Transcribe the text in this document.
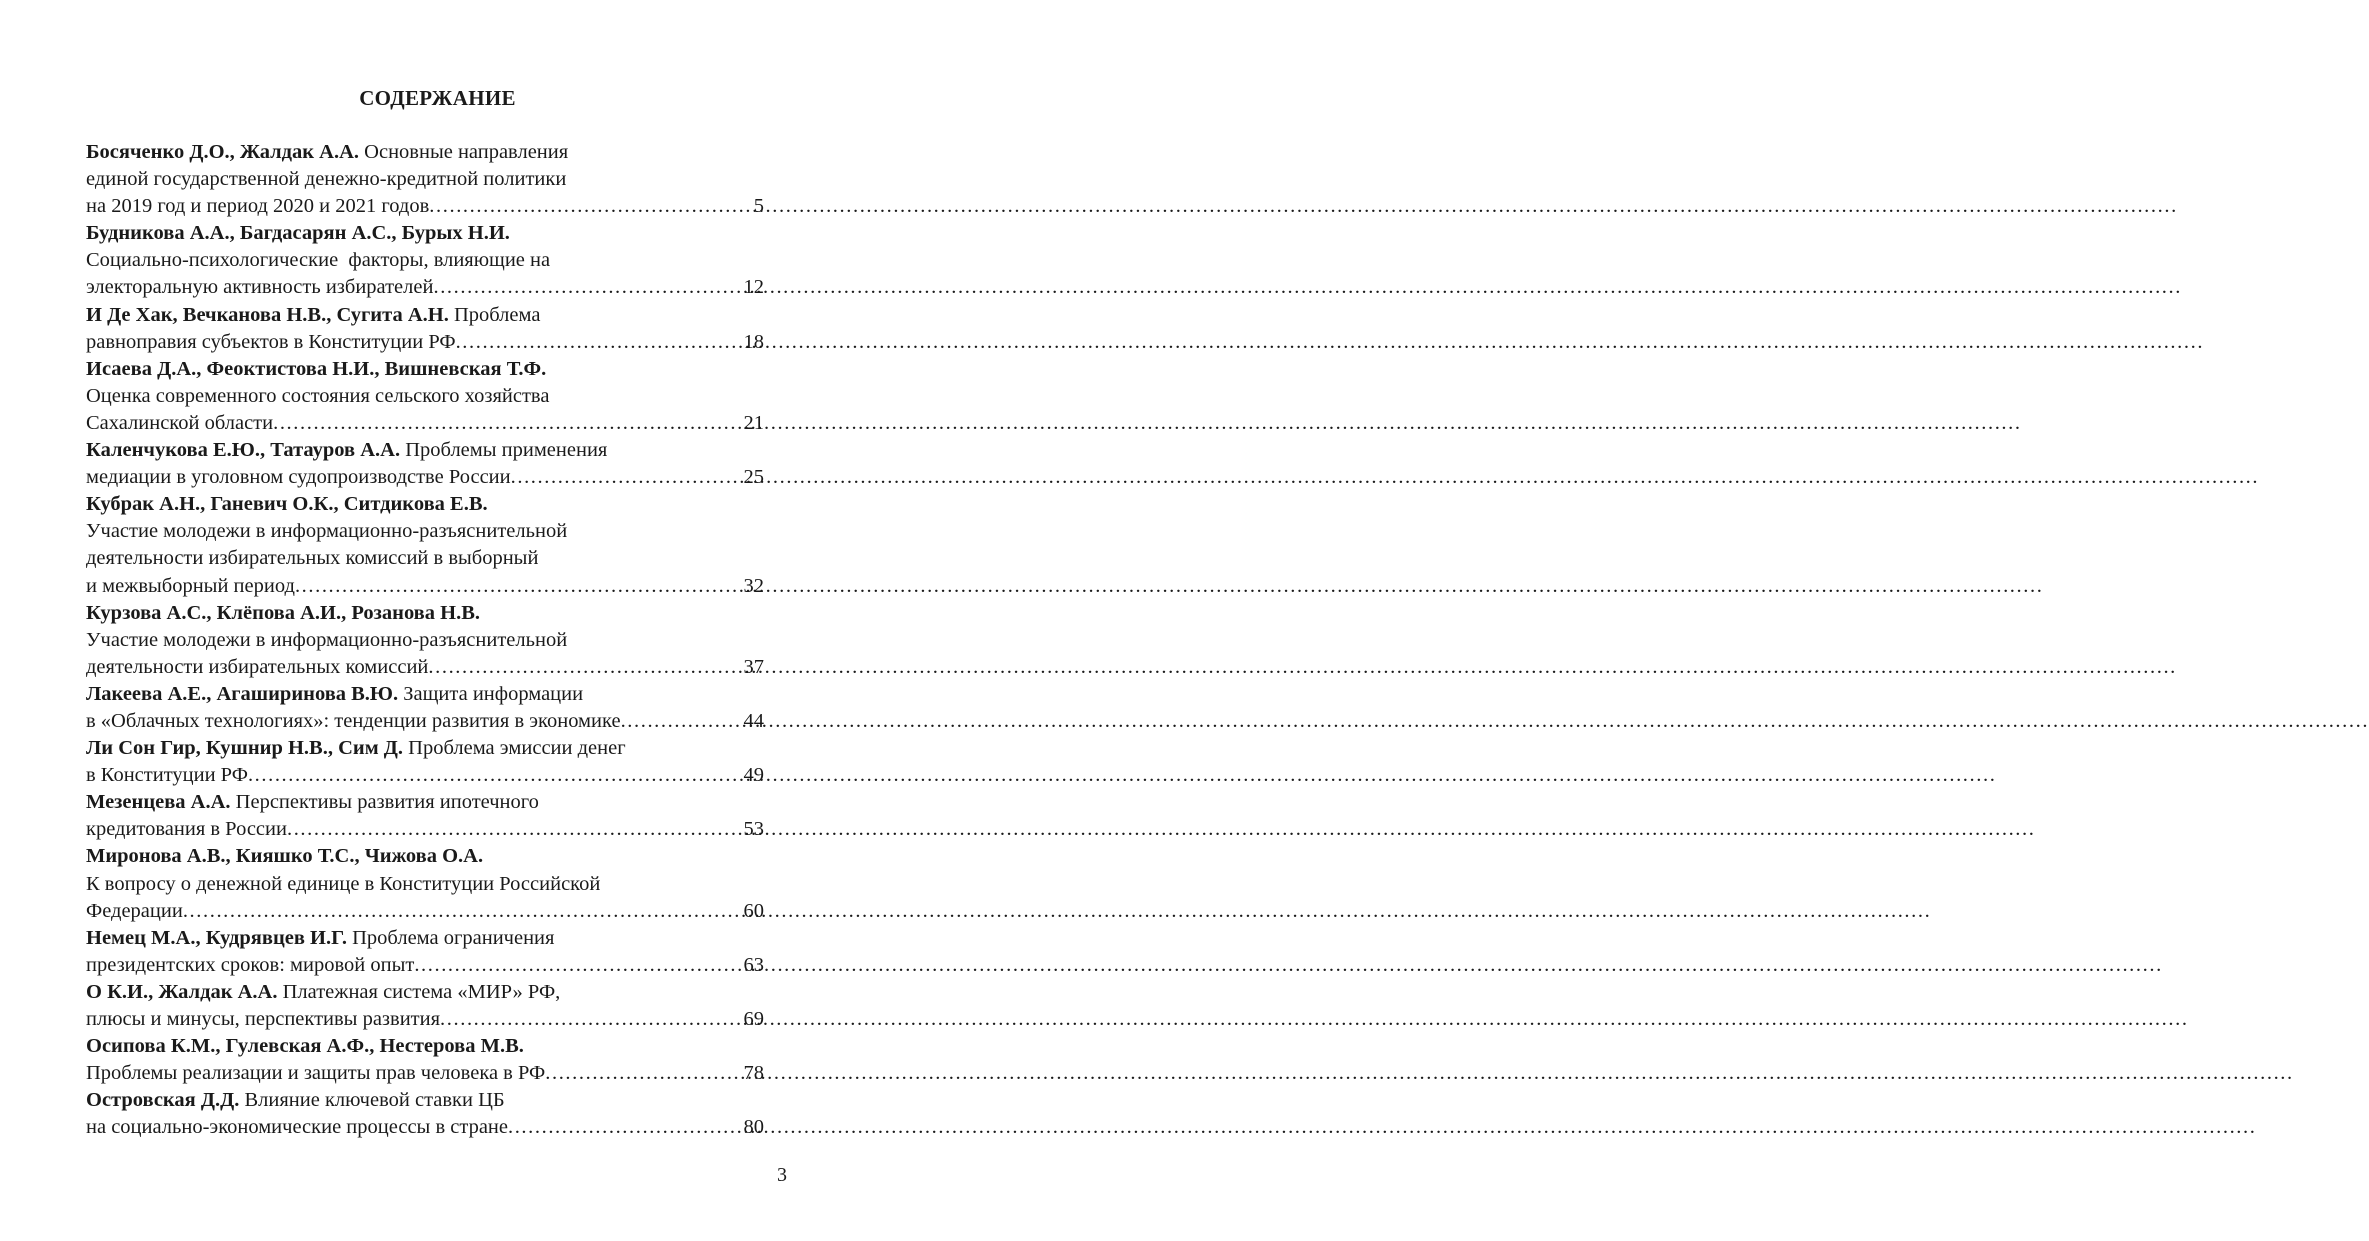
СОДЕРЖАНИЕ
Босяченко Д.О., Жалдак А.А. Основные направления
единой государственной денежно-кредитной политики
на 2019 год и период 2020 и 2021 годов .....	5
Будникова А.А., Багдасарян А.С., Бурых Н.И.
Социально-психологические  факторы, влияющие на
электоральную активность избирателей .....	12
И Де Хак, Вечканова Н.В., Сугита А.Н. Проблема
равноправия субъектов в Конституции РФ .....	18
Исаева Д.А., Феоктистова Н.И., Вишневская Т.Ф.
Оценка современного состояния сельского хозяйства
Сахалинской области .....	21
Каленчукова Е.Ю., Татауров А.А. Проблемы применения
медиации в уголовном судопроизводстве России .....	25
Кубрак А.Н., Ганевич О.К., Ситдикова Е.В.
Участие молодежи в информационно-разъяснительной
деятельности избирательных комиссий в выборный
и межвыборный период .....	32
Курзова А.С., Клёпова А.И., Розанова Н.В.
Участие молодежи в информационно-разъяснительной
деятельности избирательных комиссий .....	37
Лакеева А.Е., Агаширинова В.Ю. Защита информации
в «Облачных технологиях»: тенденции развития в экономике .....	44
Ли Сон Гир, Кушнир Н.В., Сим Д. Проблема эмиссии денег
в Конституции РФ .....	49
Мезенцева А.А. Перспективы развития ипотечного
кредитования в России .....	53
Миронова А.В., Кияшко Т.С., Чижова О.А.
К вопросу о денежной единице в Конституции Российской
Федерации .....	60
Немец М.А., Кудрявцев И.Г. Проблема ограничения
президентских сроков: мировой опыт .....	63
О К.И., Жалдак А.А. Платежная система «МИР» РФ,
плюсы и минусы, перспективы развития .....	69
Осипова К.М., Гулевская А.Ф., Нестерова М.В.
Проблемы реализации и защиты прав человека в РФ .....	78
Островская Д.Д. Влияние ключевой ставки ЦБ
на социально-экономические процессы в стране .....	80
3
